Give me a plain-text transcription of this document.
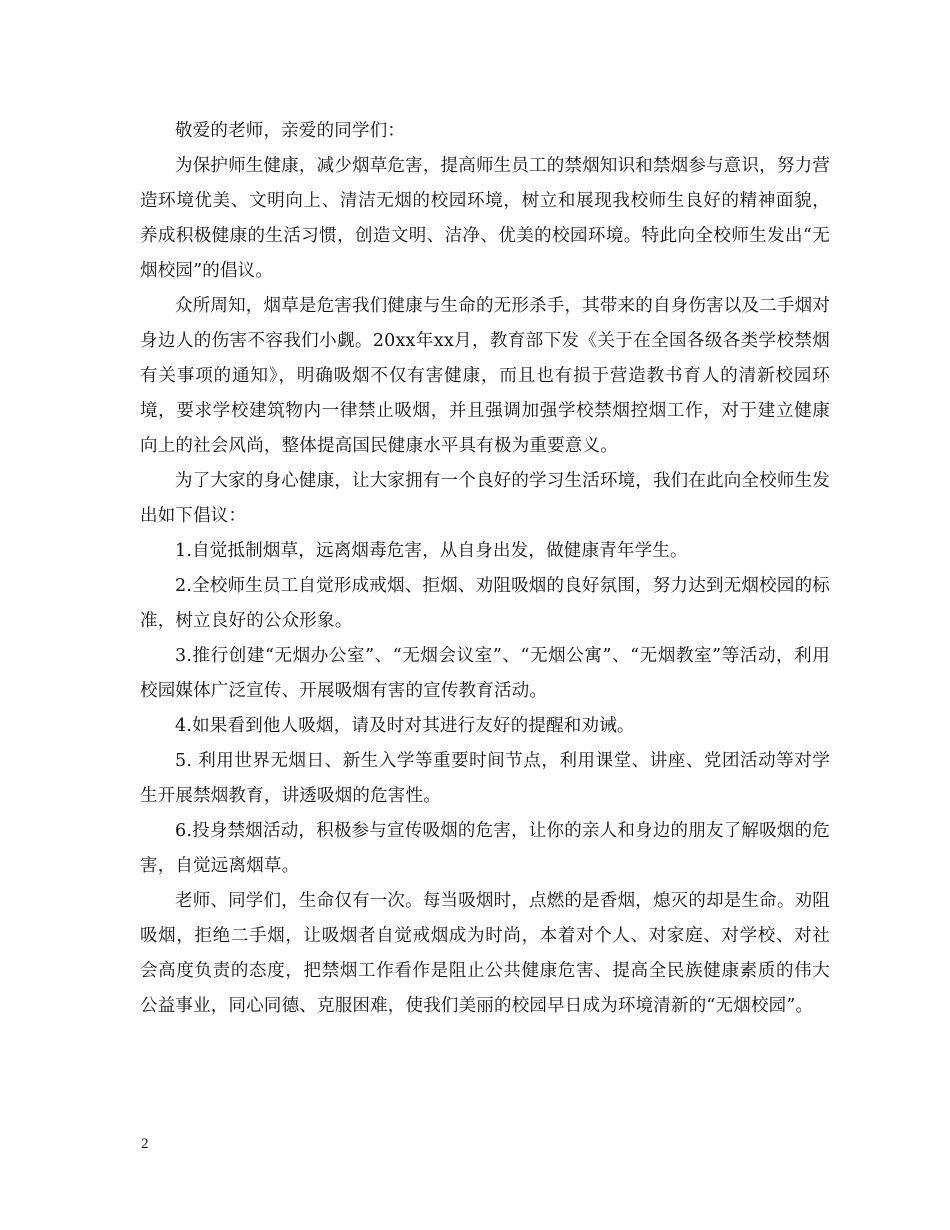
敬爱的老师，亲爱的同学们：

为保护师生健康，减少烟草危害，提高师生员工的禁烟知识和禁烟参与意识，努力营造环境优美、文明向上、清洁无烟的校园环境，树立和展现我校师生良好的精神面貌，养成积极健康的生活习惯，创造文明、洁净、优美的校园环境。特此向全校师生发出“无烟校园”的倡议。

众所周知，烟草是危害我们健康与生命的无形杀手，其带来的自身伤害以及二手烟对身边人的伤害不容我们小觑。20xx年xx月，教育部下发《关于在全国各级各类学校禁烟有关事项的通知》，明确吸烟不仅有害健康，而且也有损于营造教书育人的清新校园环境，要求学校建筑物内一律禁止吸烟，并且强调加强学校禁烟控烟工作，对于建立健康向上的社会风尚，整体提高国民健康水平具有极为重要意义。

为了大家的身心健康，让大家拥有一个良好的学习生活环境，我们在此向全校师生发出如下倡议：

1.自觉抵制烟草，远离烟毒危害，从自身出发，做健康青年学生。

2.全校师生员工自觉形成戒烟、拒烟、劝阻吸烟的良好氛围，努力达到无烟校园的标准，树立良好的公众形象。

3.推行创建“无烟办公室”、“无烟会议室”、“无烟公寓”、“无烟教室”等活动，利用校园媒体广泛宣传、开展吸烟有害的宣传教育活动。

4.如果看到他人吸烟，请及时对其进行友好的提醒和劝诫。

5. 利用世界无烟日、新生入学等重要时间节点，利用课堂、讲座、党团活动等对学生开展禁烟教育，讲透吸烟的危害性。

6.投身禁烟活动，积极参与宣传吸烟的危害，让你的亲人和身边的朋友了解吸烟的危害，自觉远离烟草。

老师、同学们，生命仅有一次。每当吸烟时，点燃的是香烟，熄灭的却是生命。劝阻吸烟，拒绝二手烟，让吸烟者自觉戒烟成为时尚，本着对个人、对家庭、对学校、对社会高度负责的态度，把禁烟工作看作是阻止公共健康危害、提高全民族健康素质的伟大公益事业，同心同德、克服困难，使我们美丽的校园早日成为环境清新的“无烟校园”。

2
